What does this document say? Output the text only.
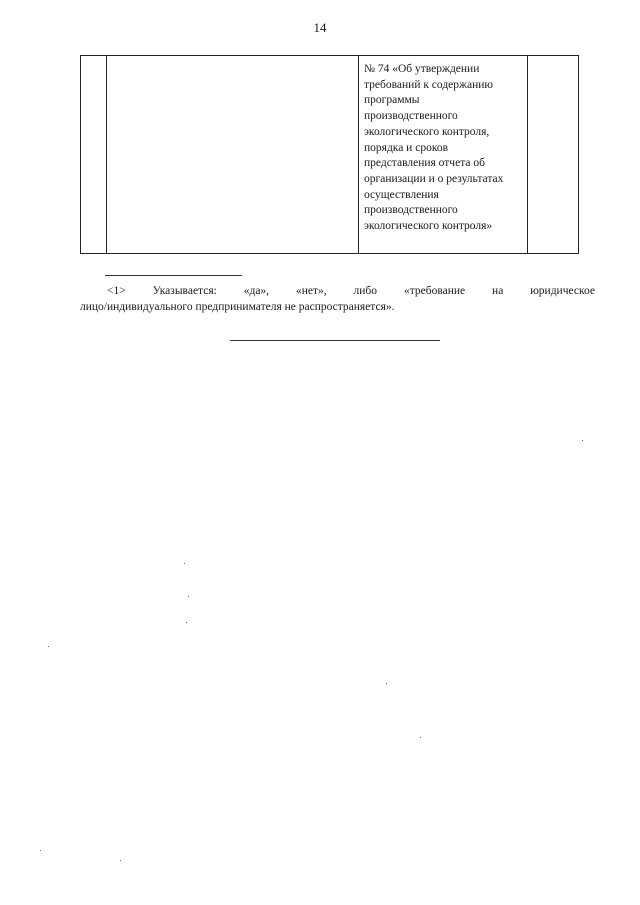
14

№ 74 «Об утверждении
требований к содержанию
программы
производственного
экологического контроля,
порядка и сроков
представления отчета об
организации и о результатах
осуществления
производственного
экологического контроля»

<1> Указывается: «да», «нет», либо «требование на юридическое
лицо/индивидуального предпринимателя не распространяется».
